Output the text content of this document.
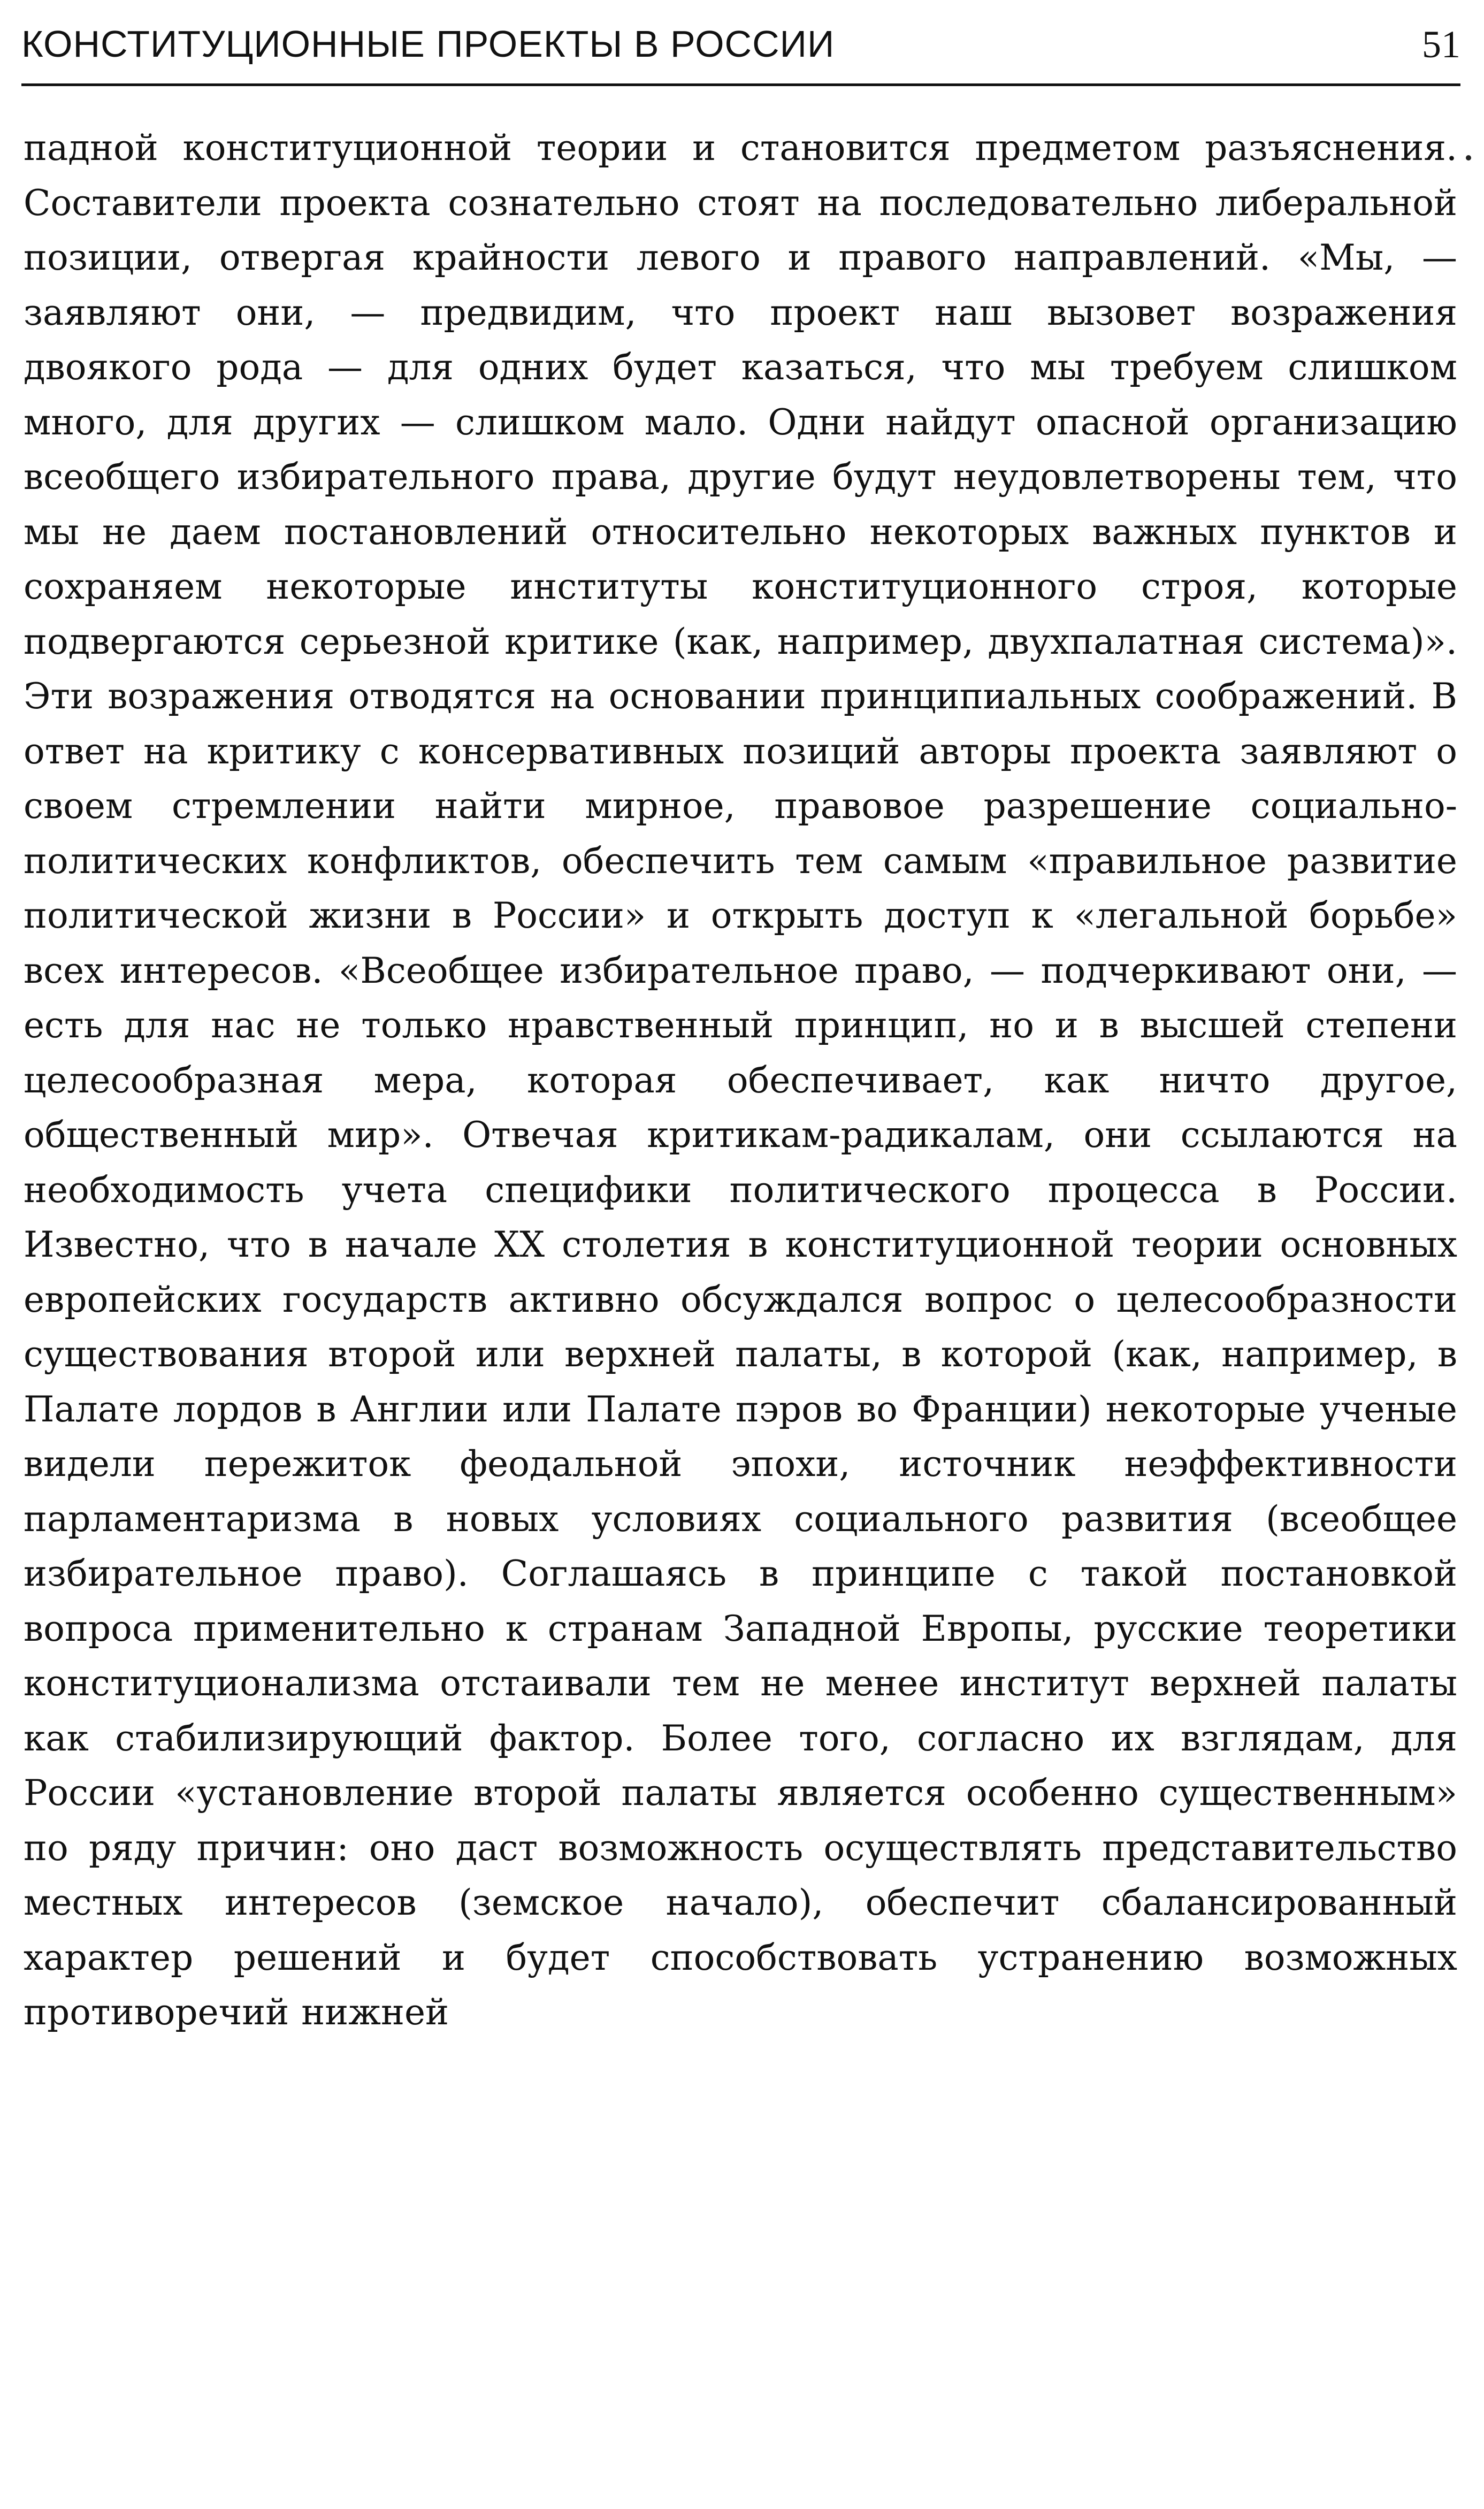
КОНСТИТУЦИОННЫЕ ПРОЕКТЫ В РОССИИ	51

падной конституционной теории и становится предметом разъяснения. Составители проекта сознательно стоят на последовательно либеральной позиции, отвергая крайности левого и правого направлений. «Мы, — заявляют они, — предвидим, что проект наш вызовет возражения двоякого рода — для одних будет казаться, что мы требуем слишком много, для других — слишком мало. Одни найдут опасной организацию всеобщего избирательного права, другие будут неудовлетворены тем, что мы не даем постановлений относительно некоторых важных пунктов и сохраняем некоторые институты конституционного строя, которые подвергаются серьезной критике (как, например, двухпалатная система)». Эти возражения отводятся на основании принципиальных соображений. В ответ на критику с консервативных позиций авторы проекта заявляют о своем стремлении найти мирное, правовое разрешение социально-политических конфликтов, обеспечить тем самым «правильное развитие политической жизни в России» и открыть доступ к «легальной борьбе» всех интересов. «Всеобщее избирательное право, — подчеркивают они, — есть для нас не только нравственный принцип, но и в высшей степени целесообразная мера, которая обеспечивает, как ничто другое, общественный мир». Отвечая критикам-радикалам, они ссылаются на необходимость учета специфики политического процесса в России. Известно, что в начале XX столетия в конституционной теории основных европейских государств активно обсуждался вопрос о целесообразности существования второй или верхней палаты, в которой (как, например, в Палате лордов в Англии или Палате пэров во Франции) некоторые ученые видели пережиток феодальной эпохи, источник неэффективности парламентаризма в новых условиях социального развития (всеобщее избирательное право). Соглашаясь в принципе с такой постановкой вопроса применительно к странам Западной Европы, русские теоретики конституционализма отстаивали тем не менее институт верхней палаты как стабилизирующий фактор. Более того, согласно их взглядам, для России «установление второй палаты является особенно существенным» по ряду причин: оно даст возможность осуществлять представительство местных интересов (земское начало), обеспечит сбалансированный характер решений и будет способствовать устранению возможных противоречий нижней
